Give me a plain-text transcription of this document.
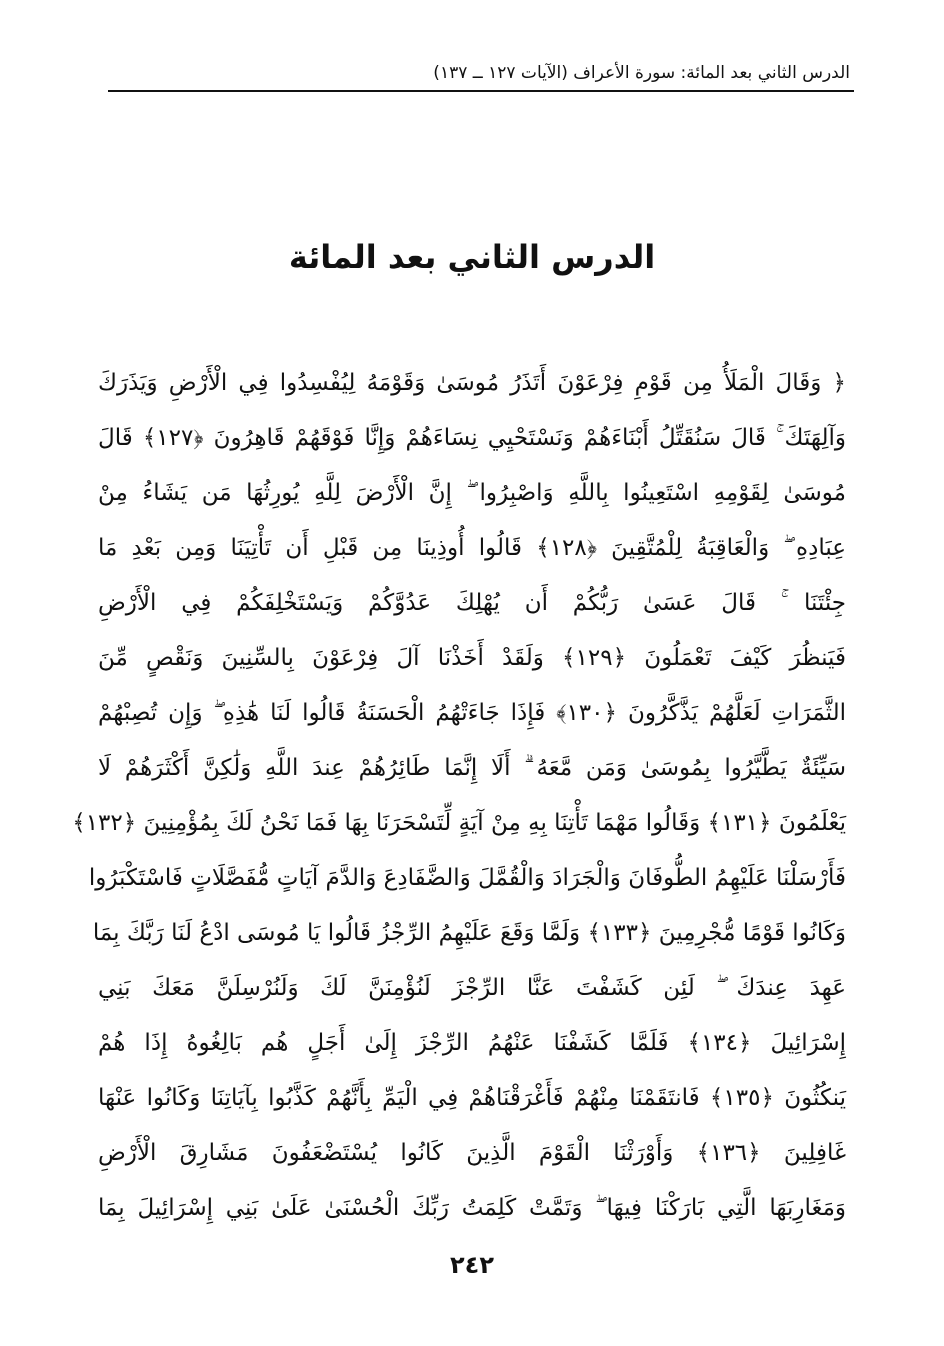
الدرس الثاني بعد المائة: سورة الأعراف (الآيات ١٢٧ ــ ١٣٧)
الدرس الثاني بعد المائة
﴿ وَقَالَ الْمَلَأُ مِن قَوْمِ فِرْعَوْنَ أَتَذَرُ مُوسَىٰ وَقَوْمَهُ لِيُفْسِدُوا فِي الْأَرْضِ وَيَذَرَكَ
وَآلِهَتَكَ ۚ قَالَ سَنُقَتِّلُ أَبْنَاءَهُمْ وَنَسْتَحْيِي نِسَاءَهُمْ وَإِنَّا فَوْقَهُمْ قَاهِرُونَ ﴿١٢٧﴾ قَالَ
مُوسَىٰ لِقَوْمِهِ اسْتَعِينُوا بِاللَّهِ وَاصْبِرُوا ۖ إِنَّ الْأَرْضَ لِلَّهِ يُورِثُهَا مَن يَشَاءُ مِنْ
عِبَادِهِ ۖ وَالْعَاقِبَةُ لِلْمُتَّقِينَ ﴿١٢٨﴾ قَالُوا أُوذِينَا مِن قَبْلِ أَن تَأْتِيَنَا وَمِن بَعْدِ مَا
جِئْتَنَا ۚ قَالَ عَسَىٰ رَبُّكُمْ أَن يُهْلِكَ عَدُوَّكُمْ وَيَسْتَخْلِفَكُمْ فِي الْأَرْضِ
فَيَنظُرَ كَيْفَ تَعْمَلُونَ ﴿١٢٩﴾ وَلَقَدْ أَخَذْنَا آلَ فِرْعَوْنَ بِالسِّنِينَ وَنَقْصٍ مِّنَ
الثَّمَرَاتِ لَعَلَّهُمْ يَذَّكَّرُونَ ﴿١٣٠﴾ فَإِذَا جَاءَتْهُمُ الْحَسَنَةُ قَالُوا لَنَا هَٰذِهِ ۖ وَإِن تُصِبْهُمْ
سَيِّئَةٌ يَطَّيَّرُوا بِمُوسَىٰ وَمَن مَّعَهُ ۗ أَلَا إِنَّمَا طَائِرُهُمْ عِندَ اللَّهِ وَلَٰكِنَّ أَكْثَرَهُمْ لَا
يَعْلَمُونَ ﴿١٣١﴾ وَقَالُوا مَهْمَا تَأْتِنَا بِهِ مِنْ آيَةٍ لِّتَسْحَرَنَا بِهَا فَمَا نَحْنُ لَكَ بِمُؤْمِنِينَ ﴿١٣٢﴾
فَأَرْسَلْنَا عَلَيْهِمُ الطُّوفَانَ وَالْجَرَادَ وَالْقُمَّلَ وَالضَّفَادِعَ وَالدَّمَ آيَاتٍ مُّفَصَّلَاتٍ فَاسْتَكْبَرُوا
وَكَانُوا قَوْمًا مُّجْرِمِينَ ﴿١٣٣﴾ وَلَمَّا وَقَعَ عَلَيْهِمُ الرِّجْزُ قَالُوا يَا مُوسَى ادْعُ لَنَا رَبَّكَ بِمَا
عَهِدَ عِندَكَ ۖ لَئِن كَشَفْتَ عَنَّا الرِّجْزَ لَنُؤْمِنَنَّ لَكَ وَلَنُرْسِلَنَّ مَعَكَ بَنِي
إِسْرَائِيلَ ﴿١٣٤﴾ فَلَمَّا كَشَفْنَا عَنْهُمُ الرِّجْزَ إِلَىٰ أَجَلٍ هُم بَالِغُوهُ إِذَا هُمْ
يَنكُثُونَ ﴿١٣٥﴾ فَانتَقَمْنَا مِنْهُمْ فَأَغْرَقْنَاهُمْ فِي الْيَمِّ بِأَنَّهُمْ كَذَّبُوا بِآيَاتِنَا وَكَانُوا عَنْهَا
غَافِلِينَ ﴿١٣٦﴾ وَأَوْرَثْنَا الْقَوْمَ الَّذِينَ كَانُوا يُسْتَضْعَفُونَ مَشَارِقَ الْأَرْضِ
وَمَغَارِبَهَا الَّتِي بَارَكْنَا فِيهَا ۖ وَتَمَّتْ كَلِمَتُ رَبِّكَ الْحُسْنَىٰ عَلَىٰ بَنِي إِسْرَائِيلَ بِمَا
٢٤٢
